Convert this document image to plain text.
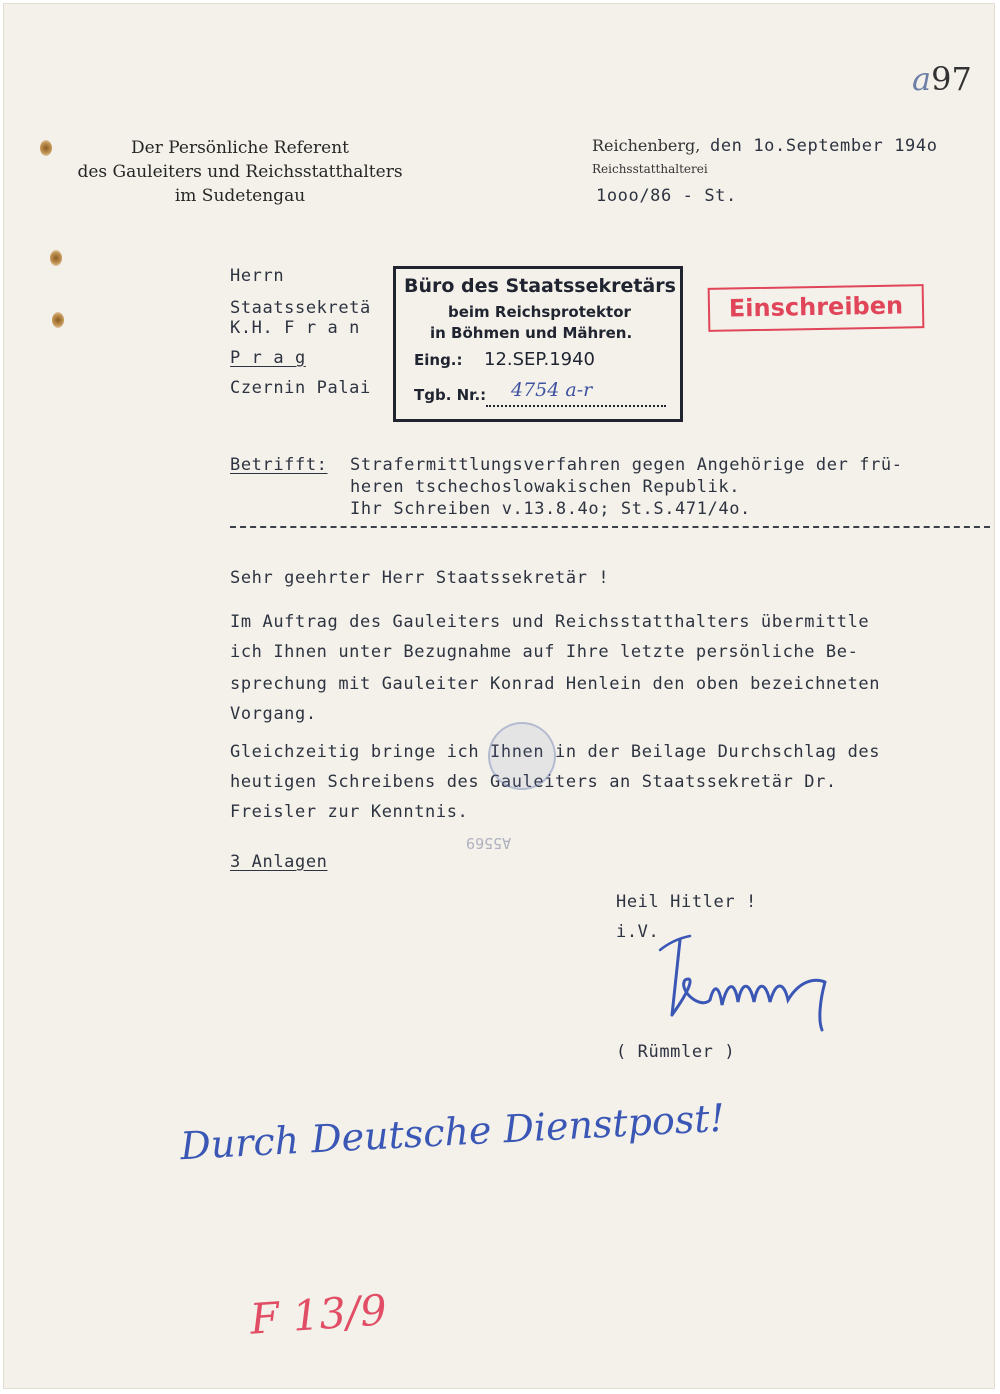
a97
Der Persönliche Referent
des Gauleiters und Reichsstatthalters
im Sudetengau
Reichenberg, den 1o.September 194o
Reichsstatthalterei
1ooo/86 - St.
Herrn
Staatssekretä
K.H. F r a n
P r a g
Czernin Palai
Büro des Staatssekretärs
beim Reichsprotektor
in Böhmen und Mähren.
Eing.: 12.SEP.1940
Tgb. Nr.: 4754 a-r
Einschreiben
Betrifft: Strafermittlungsverfahren gegen Angehörige der frü-
heren tschechoslowakischen Republik.
Ihr Schreiben v.13.8.4o; St.S.471/4o.
Sehr geehrter Herr Staatssekretär !
Im Auftrag des Gauleiters und Reichsstatthalters übermittle
ich Ihnen unter Bezugnahme auf Ihre letzte persönliche Be-
sprechung mit Gauleiter Konrad Henlein den oben bezeichneten
Vorgang.
Gleichzeitig bringe ich Ihnen in der Beilage Durchschlag des
heutigen Schreibens des Gauleiters an Staatssekretär Dr.
Freisler zur Kenntnis.
A5569
3 Anlagen
Heil Hitler !
i.V.
( Rümmler )
Durch Deutsche Dienstpost!
F 13/9
